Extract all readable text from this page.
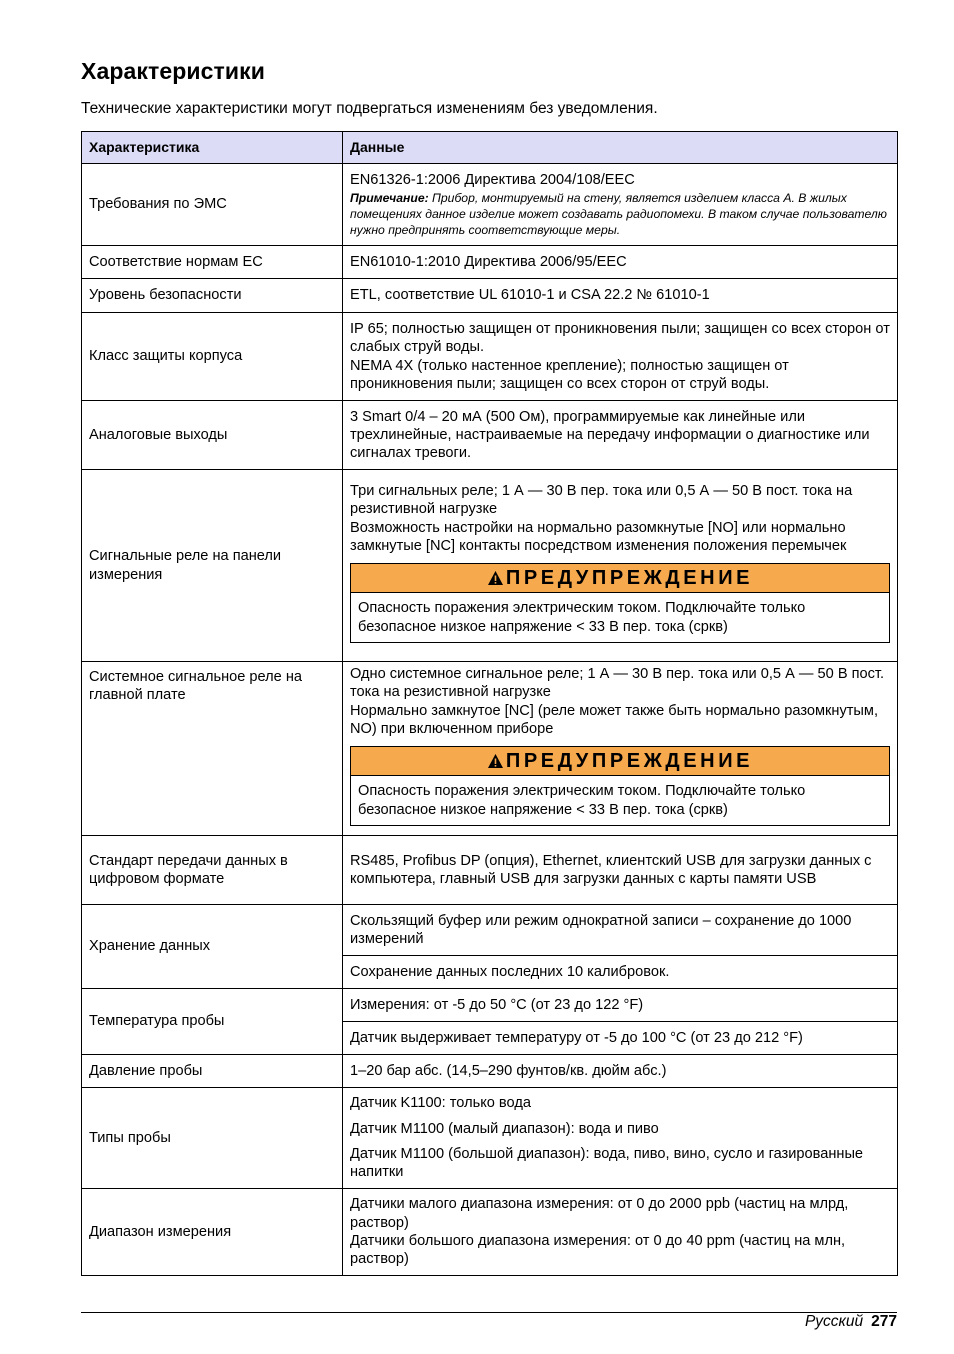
Характеристики

Технические характеристики могут подвергаться изменениям без уведомления.

Характеристика	Данные
Требования по ЭМС	EN61326-1:2006 Директива 2004/108/EEC
Примечание: Прибор, монтируемый на стену, является изделием класса А. В жилых помещениях данное изделие может создавать радиопомехи. В таком случае пользователю нужно предпринять соответствующие меры.

Соответствие нормам ЕС	EN61010-1:2010 Директива 2006/95/EEC
Уровень безопасности	ETL, соответствие UL 61010-1 и CSA 22.2 № 61010-1
Класс защиты корпуса	IP 65; полностью защищен от проникновения пыли; защищен со всех сторон от слабых струй воды.
NEMA 4X (только настенное крепление); полностью защищен от проникновения пыли; защищен со всех сторон от струй воды.

Аналоговые выходы	3 Smart 0/4 – 20 мА (500 Ом), программируемые как линейные или трехлинейные, настраиваемые на передачу информации о диагностике или сигналах тревоги.
Сигнальные реле на панели измерения	Три сигнальных реле; 1 А — 30 В пер. тока или 0,5 А — 50 В пост. тока на резистивной нагрузке
Возможность настройки на нормально разомкнутые [NO] или нормально замкнутые [NC] контакты посредством изменения положения перемычек
ПРЕДУПРЕЖДЕНИЕ
Опасность поражения электрическим током. Подключайте только безопасное низкое напряжение < 33 В пер. тока (сркв)

Системное сигнальное реле на главной плате	Одно системное сигнальное реле; 1 А — 30 В пер. тока или 0,5 А — 50 В пост. тока на резистивной нагрузке
Нормально замкнутое [NC] (реле может также быть нормально разомкнутым, NO) при включенном приборе
ПРЕДУПРЕЖДЕНИЕ
Опасность поражения электрическим током. Подключайте только безопасное низкое напряжение < 33 В пер. тока (сркв)

Стандарт передачи данных в цифровом формате	RS485, Profibus DP (опция), Ethernet, клиентский USB для загрузки данных с компьютера, главный USB для загрузки данных с карты памяти USB
Хранение данных	Скользящий буфер или режим однократной записи – сохранение до 1000 измерений
	Сохранение данных последних 10 калибровок.
Температура пробы	Измерения: от -5 до 50 °C (от 23 до 122 °F)
	Датчик выдерживает температуру от -5 до 100 °C (от 23 до 212 °F)
Давление пробы	1–20 бар абс. (14,5–290 фунтов/кв. дюйм абс.)
Типы пробы	Датчик K1100: только вода

Датчик M1100 (малый диапазон): вода и пиво

Датчик M1100 (большой диапазон): вода, пиво, вино, сусло и газированные напитки

Диапазон измерения	Датчики малого диапазона измерения: от 0 до 2000 ppb (частиц на млрд, раствор)
Датчики большого диапазона измерения: от 0 до 40 ppm (частиц на млн, раствор)
Русский 277
